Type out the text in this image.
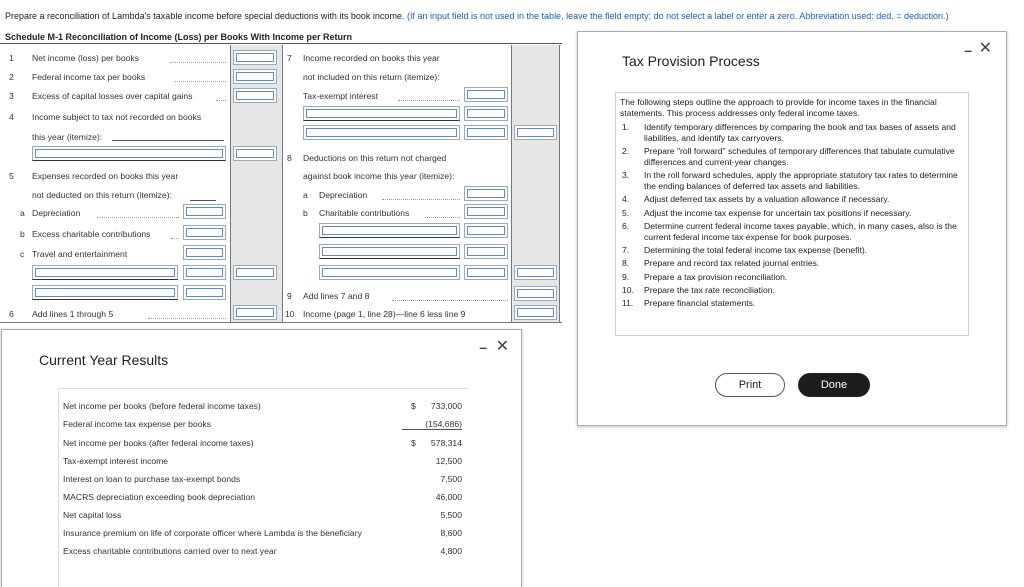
Prepare a reconciliation of Lambda's taxable income before special deductions with its book income. (If an input field is not used in the table, leave the field empty; do not select a label or enter a zero. Abbreviation used: ded. = deduction.)
Schedule M-1 Reconciliation of Income (Loss) per Books With Income per Return
1 Net income (loss) per books
2 Federal income tax per books
3 Excess of capital losses over capital gains
4 Income subject to tax not recorded on books
this year (itemize):
5 Expenses recorded on books this year
not deducted on this return (itemize):
a Depreciation
b Excess charitable contributions
c Travel and entertainment
6 Add lines 1 through 5
7 Income recorded on books this year
not included on this return (itemize):
Tax-exempt interest
8 Deductions on this return not charged
against book income this year (itemize):
a Depreciation
b Charitable contributions
9 Add lines 7 and 8
10 Income (page 1, line 28)—line 6 less line 9
Tax Provision Process
– ✕
The following steps outline the approach to provide for income taxes in the financial statements. This process addresses only federal income taxes.
1. Identify temporary differences by comparing the book and tax bases of assets and liabilities, and identify tax carryovers.
2. Prepare "roll forward" schedules of temporary differences that tabulate cumulative differences and current-year changes.
3. In the roll forward schedules, apply the appropriate statutory tax rates to determine the ending balances of deferred tax assets and liabilities.
4. Adjust deferred tax assets by a valuation allowance if necessary.
5. Adjust the income tax expense for uncertain tax positions if necessary.
6. Determine current federal income taxes payable, which, in many cases, also is the current federal income tax expense for book purposes.
7. Determining the total federal income tax expense (benefit).
8. Prepare and record tax related journal entries.
9. Prepare a tax provision reconciliation.
10. Prepare the tax rate reconciliation.
11. Prepare financial statements.
Print	Done
Current Year Results
– ✕
Net income per books (before federal income taxes)	$	733,000
Federal income tax expense per books	(154,686)
Net income per books (after federal income taxes)	$	578,314
Tax-exempt interest income	12,500
Interest on loan to purchase tax-exempt bonds	7,500
MACRS depreciation exceeding book depreciation	46,000
Net capital loss	5,500
Insurance premium on life of corporate officer where Lambda is the beneficiary	8,600
Excess charitable contributions carried over to next year	4,800
